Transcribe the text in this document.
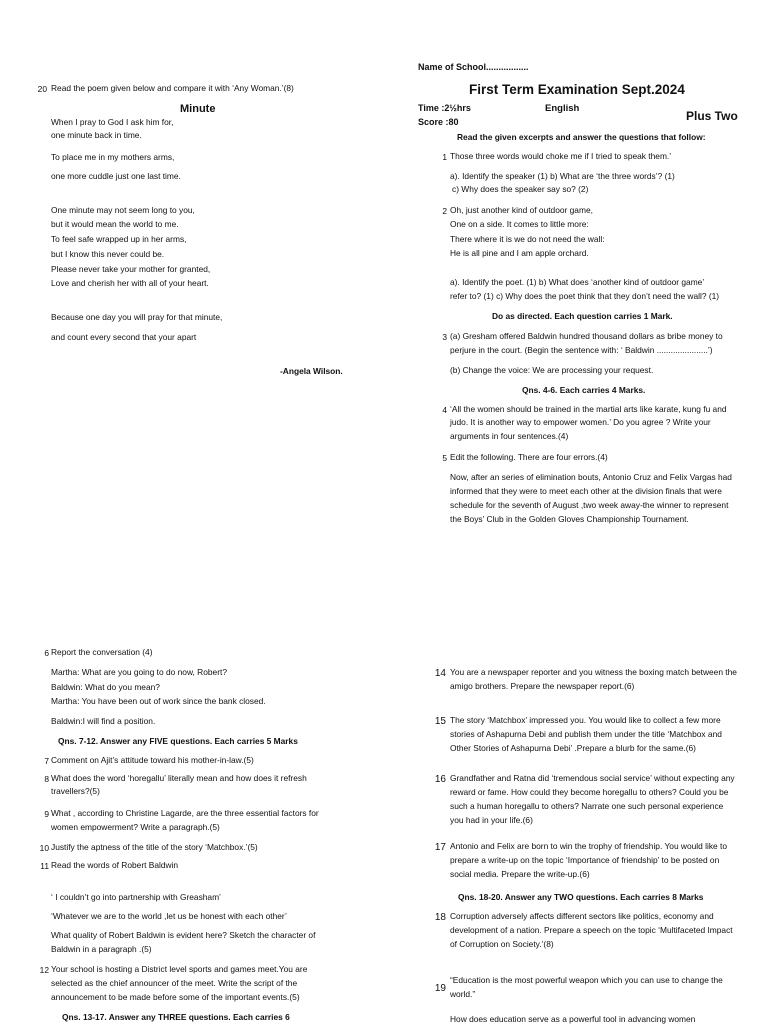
Name of School.................
First Term Examination Sept.2024
Time :2½hrs	English
Score :80	Plus Two
Read the given excerpts and answer the questions that follow:
20 Read the poem given below and compare it with ‘Any Woman.’(8)
Minute
When I pray to God I ask him for,
one minute back in time.
To place me in my mothers arms,
one more cuddle just one last time.
One minute may not seem long to you,
but it would mean the world to me.
To feel safe wrapped up in her arms,
but I know this never could be.
Please never take your mother for granted,
Love and cherish her with all of your heart.
Because one day you will pray for that minute,
and count every second that your apart
-Angela Wilson.
1 Those three words would choke me if I tried to speak them.’
a). Identify the speaker (1) b) What are ‘the three words’? (1)
c) Why does the speaker say so? (2)
2 Oh, just another kind of outdoor game,
One on a side. It comes to little more:
There where it is we do not need the wall:
He is all pine and I am apple orchard.
a). Identify the poet. (1) b) What does ‘another kind of outdoor game’
refer to? (1) c) Why does the poet think that they don’t need the wall? (1)
Do as directed. Each question carries 1 Mark.
3 (a) Gresham offered Baldwin hundred thousand dollars as bribe money to
perjure in the court. (Begin the sentence with: ‘ Baldwin ......................’)
(b) Change the voice: We are processing your request.
Qns. 4-6. Each carries 4 Marks.
4 ‘All the women should be trained in the martial arts like karate, kung fu and
judo. It is another way to empower women.’ Do you agree ? Write your
arguments in four sentences.(4)
5 Edit the following. There are four errors.(4)
Now, after an series of elimination bouts, Antonio Cruz and Felix Vargas had
informed that they were to meet each other at the division finals that were
schedule for the seventh of August ,two week away-the winner to represent
the Boys’ Club in the Golden Gloves Championship Tournament.
6 Report the conversation (4)
Martha: What are you going to do now, Robert?
Baldwin: What do you mean?
Martha: You have been out of work since the bank closed.
Baldwin:I will find a position.
Qns. 7-12. Answer any FIVE questions. Each carries 5 Marks
7 Comment on Ajit’s attitude toward his mother-in-law.(5)
8 What does the word ‘horegallu’ literally mean and how does it refresh
travellers?(5)
9 What , according to Christine Lagarde, are the three essential factors for
women empowerment? Write a paragraph.(5)
10 Justify the aptness of the title of the story ‘Matchbox.’(5)
11 Read the words of Robert Baldwin
‘ I couldn’t go into partnership with Greasham’
‘Whatever we are to the world ,let us be honest with each other’
What quality of Robert Baldwin is evident here? Sketch the character of
Baldwin in a paragraph .(5)
12 Your school is hosting a District level sports and games meet.You are
selected as the chief announcer of the meet. Write the script of the
announcement to be made before some of the important events.(5)
Qns. 13-17. Answer any THREE questions. Each carries 6
14 You are a newspaper reporter and you witness the boxing match between the
amigo brothers. Prepare the newspaper report.(6)
15 The story ‘Matchbox’ impressed you. You would like to collect a few more
stories of Ashapurna Debi and publish them under the title ‘Matchbox and
Other Stories of Ashapurna Debi’ .Prepare a blurb for the same.(6)
16 Grandfather and Ratna did ‘tremendous social service’ without expecting any
reward or fame. How could they become horegallu to others? Could you be
such a human horegallu to others? Narrate one such personal experience
you had in your life.(6)
17 Antonio and Felix are born to win the trophy of friendship. You would like to
prepare a write-up on the topic ‘Importance of friendship’ to be posted on
social media. Prepare the write-up.(6)
Qns. 18-20. Answer any TWO questions. Each carries 8 Marks
18 Corruption adversely affects different sectors like politics, economy and
development of a nation. Prepare a speech on the topic ‘Multifaceted Impact
of Corruption on Society.’(8)
19
“Education is the most powerful weapon which you can use to change the
world.”
How does education serve as a powerful tool in advancing women
